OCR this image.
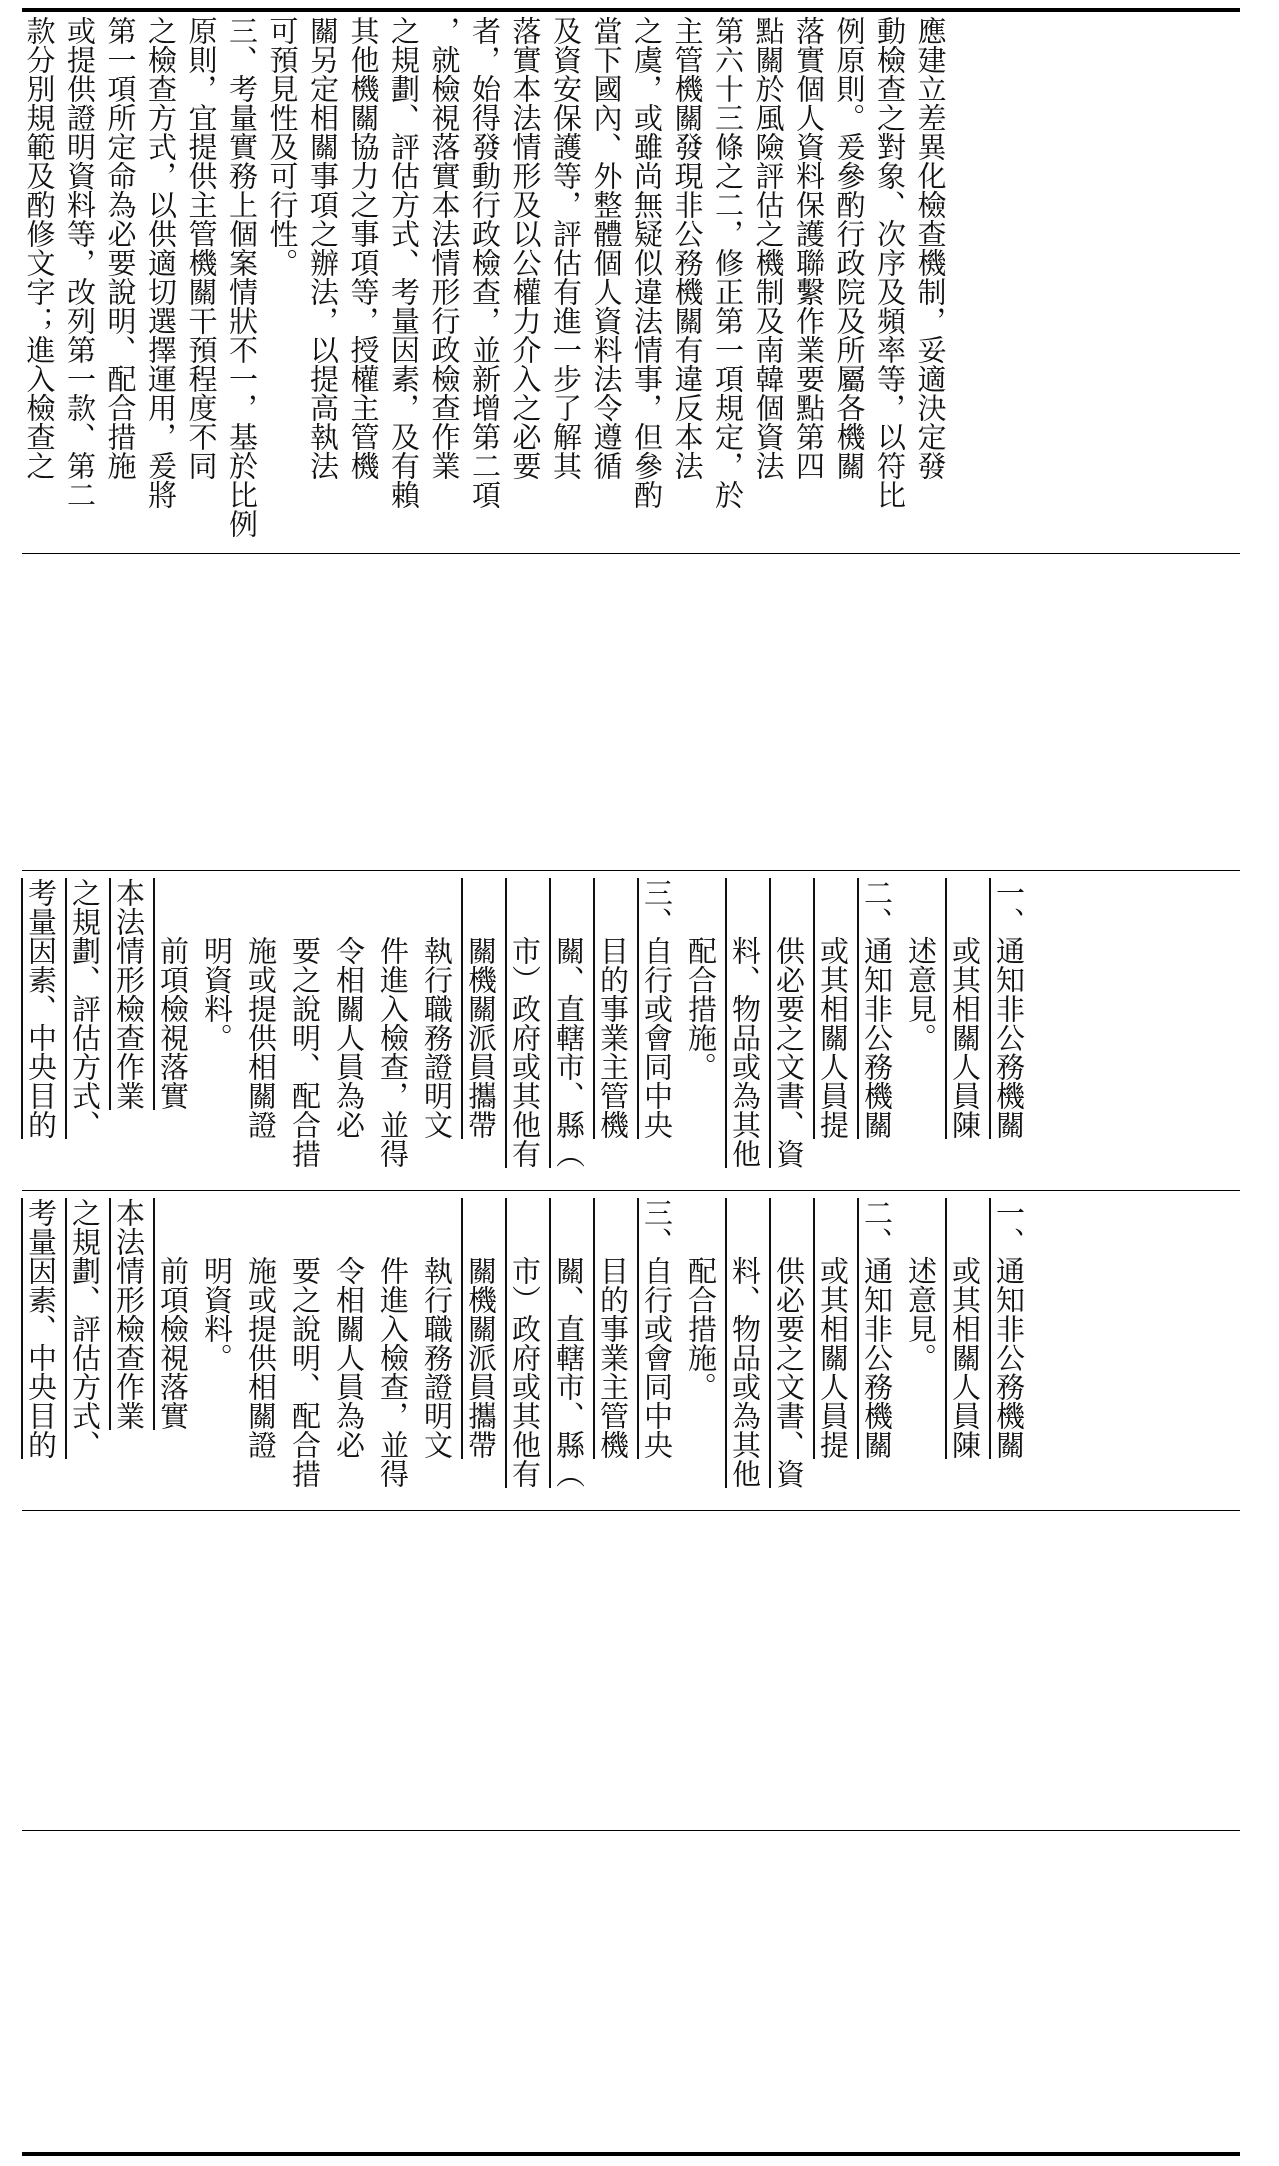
應建立差異化檢查機制，妥適決定發
動檢查之對象、次序及頻率等，以符比
例原則。爰參酌行政院及所屬各機關
落實個人資料保護聯繫作業要點第四
點關於風險評估之機制及南韓個資法
第六十三條之二，修正第一項規定，於
主管機關發現非公務機關有違反本法
之虞，或雖尚無疑似違法情事，但參酌
當下國內、外整體個人資料法令遵循
及資安保護等，評估有進一步了解其
落實本法情形及以公權力介入之必要
者，始得發動行政檢查，並新增第二項
，就檢視落實本法情形行政檢查作業
之規劃、評估方式、考量因素，及有賴
其他機關協力之事項等，授權主管機
關另定相關事項之辦法，以提高執法
可預見性及可行性。
三、考量實務上個案情狀不一，基於比例
原則，宜提供主管機關干預程度不同
之檢查方式，以供適切選擇運用，爰將
第一項所定命為必要說明、配合措施
或提供證明資料等，改列第一款、第二
款分別規範及酌修文字；進入檢查之
一、通知非公務機關
　　或其相關人員陳
　　述意見。
二、通知非公務機關
　　或其相關人員提
　　供必要之文書、資
　　料、物品或為其他
　　配合措施。
三、自行或會同中央
　　目的事業主管機
　　關、直轄市、縣（
　　市）政府或其他有
　　關機關派員攜帶
　　執行職務證明文
　　件進入檢查，並得
　　令相關人員為必
　　要之說明、配合措
　　施或提供相關證
　　明資料。
　　前項檢視落實
本法情形檢查作業
之規劃、評估方式、
考量因素、中央目的
一、通知非公務機關
　　或其相關人員陳
　　述意見。
二、通知非公務機關
　　或其相關人員提
　　供必要之文書、資
　　料、物品或為其他
　　配合措施。
三、自行或會同中央
　　目的事業主管機
　　關、直轄市、縣（
　　市）政府或其他有
　　關機關派員攜帶
　　執行職務證明文
　　件進入檢查，並得
　　令相關人員為必
　　要之說明、配合措
　　施或提供相關證
　　明資料。
　　前項檢視落實
本法情形檢查作業
之規劃、評估方式、
考量因素、中央目的
